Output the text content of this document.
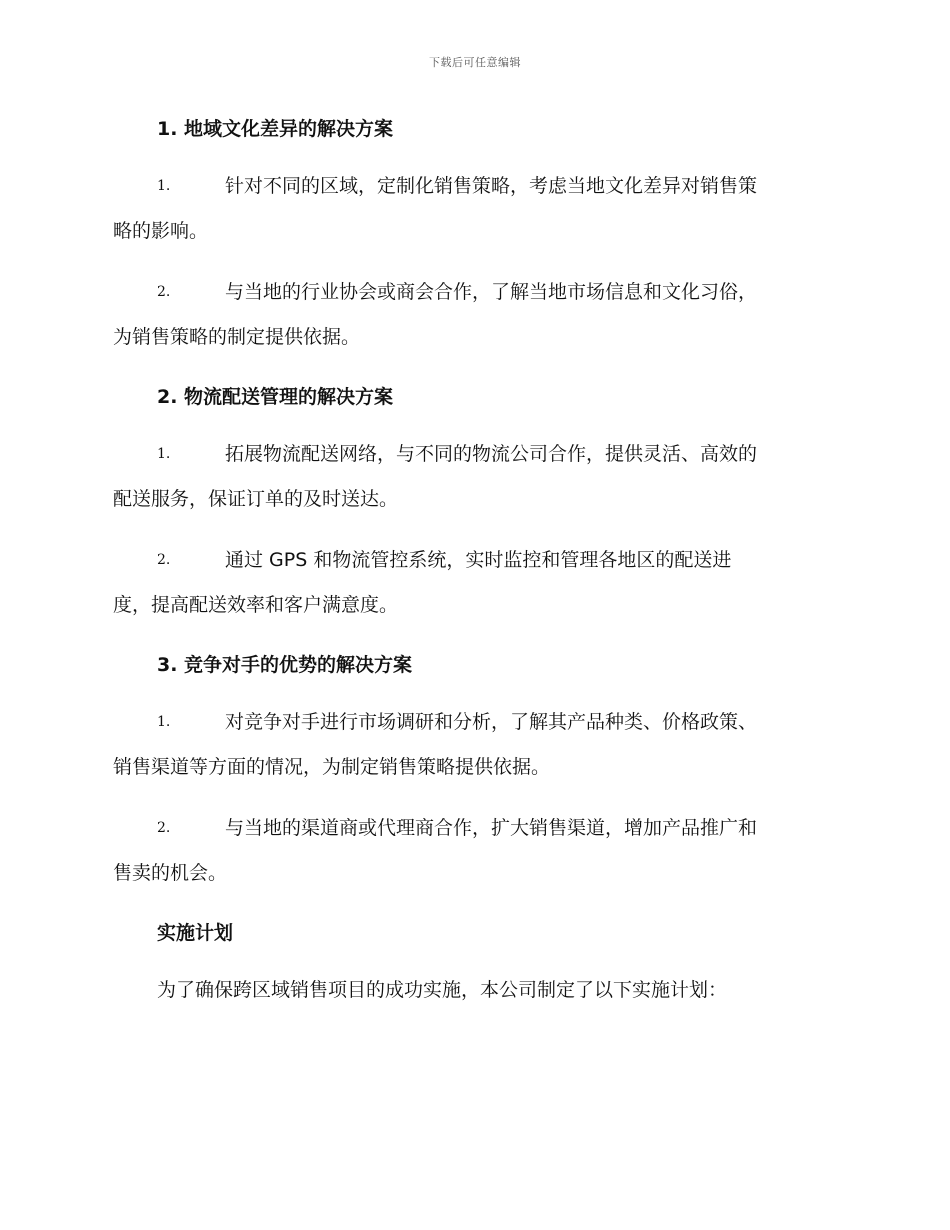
下载后可任意编辑
1. 地域文化差异的解决方案
1.	针对不同的区域，定制化销售策略，考虑当地文化差异对销售策
略的影响。
2.	与当地的行业协会或商会合作，了解当地市场信息和文化习俗，
为销售策略的制定提供依据。
2. 物流配送管理的解决方案
1.	拓展物流配送网络，与不同的物流公司合作，提供灵活、高效的
配送服务，保证订单的及时送达。
2.	通过 GPS 和物流管控系统，实时监控和管理各地区的配送进
度，提高配送效率和客户满意度。
3. 竞争对手的优势的解决方案
1.	对竞争对手进行市场调研和分析，了解其产品种类、价格政策、
销售渠道等方面的情况，为制定销售策略提供依据。
2.	与当地的渠道商或代理商合作，扩大销售渠道，增加产品推广和
售卖的机会。
实施计划
为了确保跨区域销售项目的成功实施，本公司制定了以下实施计划：
